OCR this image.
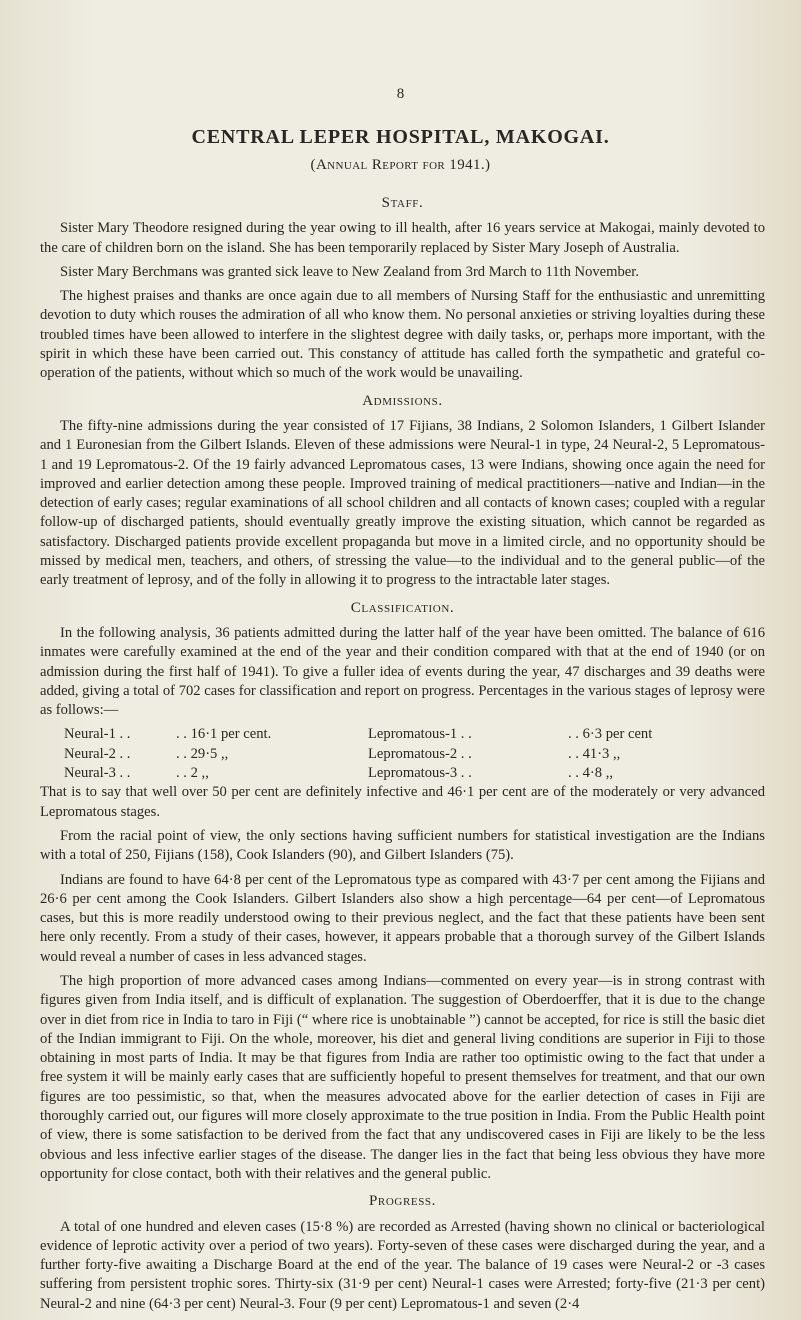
8
CENTRAL LEPER HOSPITAL, MAKOGAI.
(Annual Report for 1941.)
Staff.

Sister Mary Theodore resigned during the year owing to ill health, after 16 years service at Makogai, mainly devoted to the care of children born on the island. She has been temporarily replaced by Sister Mary Joseph of Australia.

Sister Mary Berchmans was granted sick leave to New Zealand from 3rd March to 11th November.

The highest praises and thanks are once again due to all members of Nursing Staff for the enthusiastic and unremitting devotion to duty which rouses the admiration of all who know them. No personal anxieties or striving loyalties during these troubled times have been allowed to interfere in the slightest degree with daily tasks, or, perhaps more important, with the spirit in which these have been carried out. This constancy of attitude has called forth the sympathetic and grateful co-operation of the patients, without which so much of the work would be unavailing.

Admissions.

The fifty-nine admissions during the year consisted of 17 Fijians, 38 Indians, 2 Solomon Islanders, 1 Gilbert Islander and 1 Euronesian from the Gilbert Islands. Eleven of these admissions were Neural-1 in type, 24 Neural-2, 5 Lepromatous-1 and 19 Lepromatous-2. Of the 19 fairly advanced Lepromatous cases, 13 were Indians, showing once again the need for improved and earlier detection among these people. Improved training of medical practitioners—native and Indian—in the detection of early cases; regular examinations of all school children and all contacts of known cases; coupled with a regular follow-up of discharged patients, should eventually greatly improve the existing situation, which cannot be regarded as satisfactory. Discharged patients provide excellent propaganda but move in a limited circle, and no opportunity should be missed by medical men, teachers, and others, of stressing the value—to the individual and to the general public—of the early treatment of leprosy, and of the folly in allowing it to progress to the intractable later stages.

Classification.

In the following analysis, 36 patients admitted during the latter half of the year have been omitted. The balance of 616 inmates were carefully examined at the end of the year and their condition compared with that at the end of 1940 (or on admission during the first half of 1941). To give a fuller idea of events during the year, 47 discharges and 39 deaths were added, giving a total of 702 cases for classification and report on progress. Percentages in the various stages of leprosy were as follows:—

Neural-1 . .	. . 16·1 per cent.	Lepromatous-1 . .	. . 6·3 per cent
Neural-2 . .	. . 29·5 ,,	Lepromatous-2 . .	. . 41·3 ,,
Neural-3 . .	. . 2 ,,	Lepromatous-3 . .	. . 4·8 ,,

That is to say that well over 50 per cent are definitely infective and 46·1 per cent are of the moderately or very advanced Lepromatous stages.

From the racial point of view, the only sections having sufficient numbers for statistical investigation are the Indians with a total of 250, Fijians (158), Cook Islanders (90), and Gilbert Islanders (75).

Indians are found to have 64·8 per cent of the Lepromatous type as compared with 43·7 per cent among the Fijians and 26·6 per cent among the Cook Islanders. Gilbert Islanders also show a high percentage—64 per cent—of Lepromatous cases, but this is more readily understood owing to their previous neglect, and the fact that these patients have been sent here only recently. From a study of their cases, however, it appears probable that a thorough survey of the Gilbert Islands would reveal a number of cases in less advanced stages.

The high proportion of more advanced cases among Indians—commented on every year—is in strong contrast with figures given from India itself, and is difficult of explanation. The suggestion of Oberdoerffer, that it is due to the change over in diet from rice in India to taro in Fiji (“ where rice is unobtainable ”) cannot be accepted, for rice is still the basic diet of the Indian immigrant to Fiji. On the whole, moreover, his diet and general living conditions are superior in Fiji to those obtaining in most parts of India. It may be that figures from India are rather too optimistic owing to the fact that under a free system it will be mainly early cases that are sufficiently hopeful to present themselves for treatment, and that our own figures are too pessimistic, so that, when the measures advocated above for the earlier detection of cases in Fiji are thoroughly carried out, our figures will more closely approximate to the true position in India. From the Public Health point of view, there is some satisfaction to be derived from the fact that any undiscovered cases in Fiji are likely to be the less obvious and less infective earlier stages of the disease. The danger lies in the fact that being less obvious they have more opportunity for close contact, both with their relatives and the general public.

Progress.

A total of one hundred and eleven cases (15·8 %) are recorded as Arrested (having shown no clinical or bacteriological evidence of leprotic activity over a period of two years). Forty-seven of these cases were discharged during the year, and a further forty-five awaiting a Discharge Board at the end of the year. The balance of 19 cases were Neural-2 or -3 cases suffering from persistent trophic sores. Thirty-six (31·9 per cent) Neural-1 cases were Arrested; forty-five (21·3 per cent) Neural-2 and nine (64·3 per cent) Neural-3. Four (9 per cent) Lepromatous-1 and seven (2·4
